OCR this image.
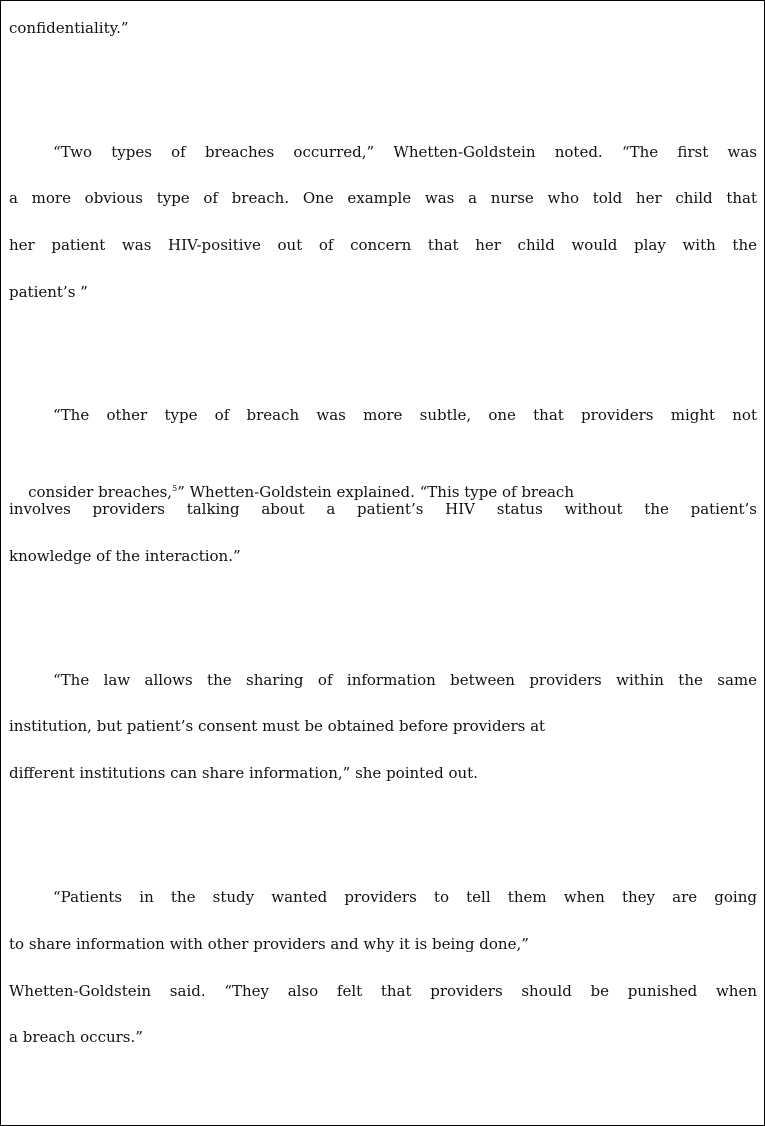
confidentiality.”
“Two types of breaches occurred,” Whetten-Goldstein noted. “The first was
a more obvious type of breach. One example was a nurse who told her child that
her patient was HIV-positive out of concern that her child would play with the
patient’s ”
“The other type of breach was more subtle, one that providers might not

consider breaches,$^5$” Whetten-Goldstein explained. “This type of breach

involves providers talking about a patient’s HIV status without the patient’s
knowledge of the interaction.”
“The law allows the sharing of information between providers within the same
institution, but patient’s consent must be obtained before providers at
different institutions can share information,” she pointed out.
“Patients in the study wanted providers to tell them when they are going
to share information with other providers and why it is being done,”
Whetten-Goldstein said. “They also felt that providers should be punished when
a breach occurs.”
